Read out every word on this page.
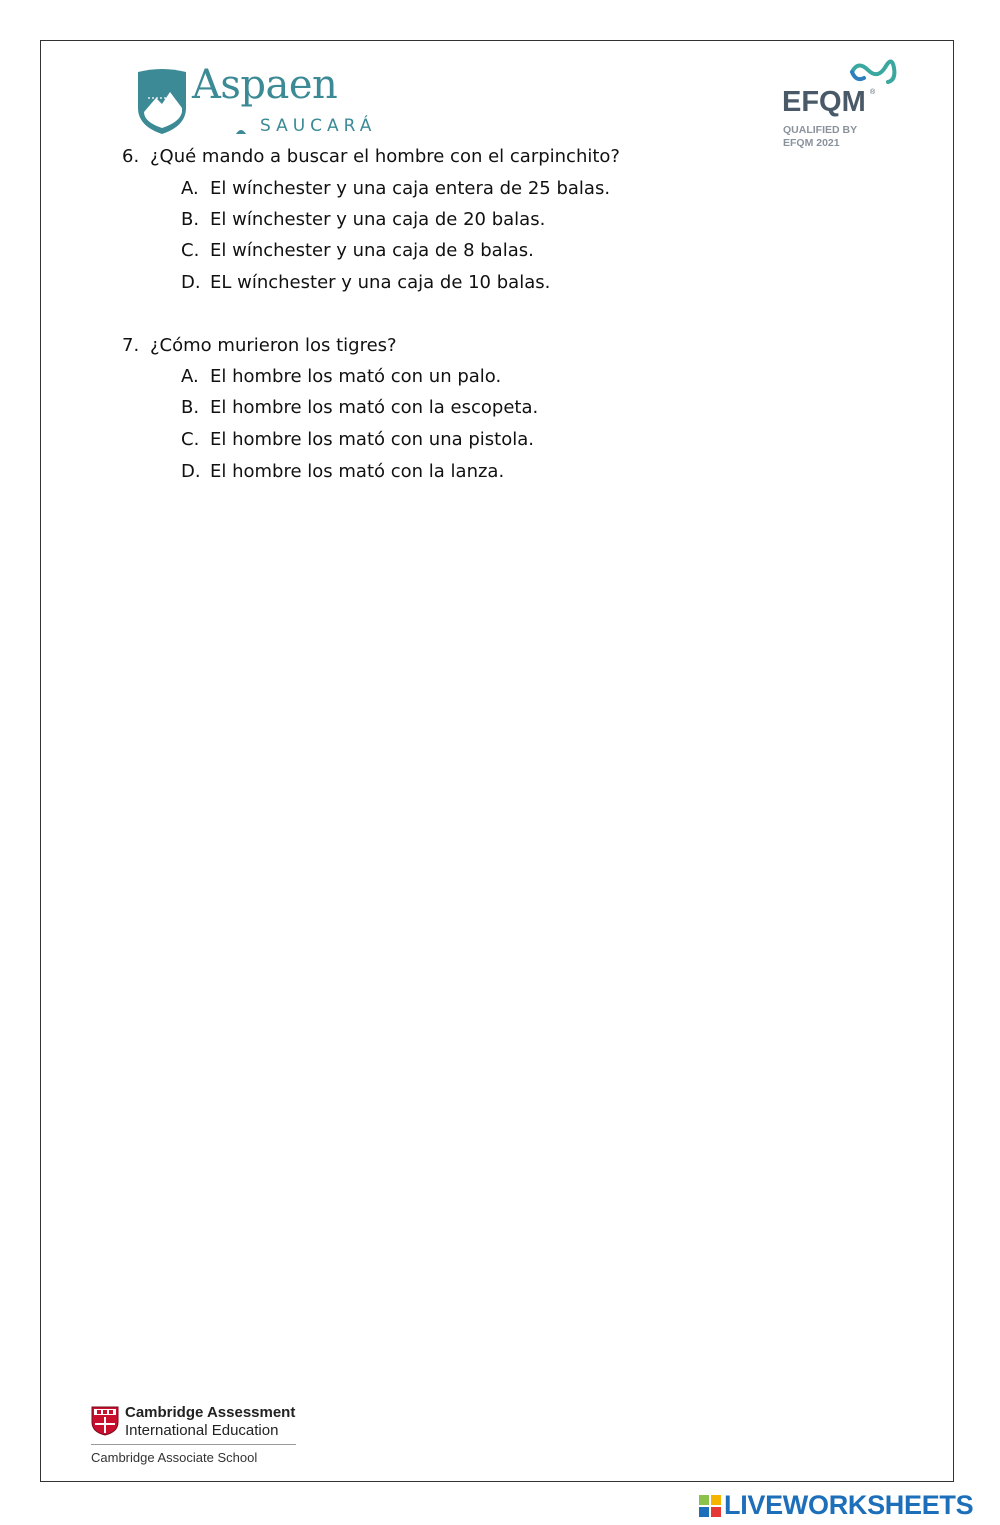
Aspaen
SAUCARÁ
EFQM ®
QUALIFIED BY
EFQM 2021
6. ¿Qué mando a buscar el hombre con el carpinchito?
A. El wínchester y una caja entera de 25 balas.
B. El wínchester y una caja de 20 balas.
C. El wínchester y una caja de 8 balas.
D. EL wínchester y una caja de 10 balas.
7. ¿Cómo murieron los tigres?
A. El hombre los mató con un palo.
B. El hombre los mató con la escopeta.
C. El hombre los mató con una pistola.
D. El hombre los mató con la lanza.
Cambridge Assessment
International Education
Cambridge Associate School
LIVEWORKSHEETS
